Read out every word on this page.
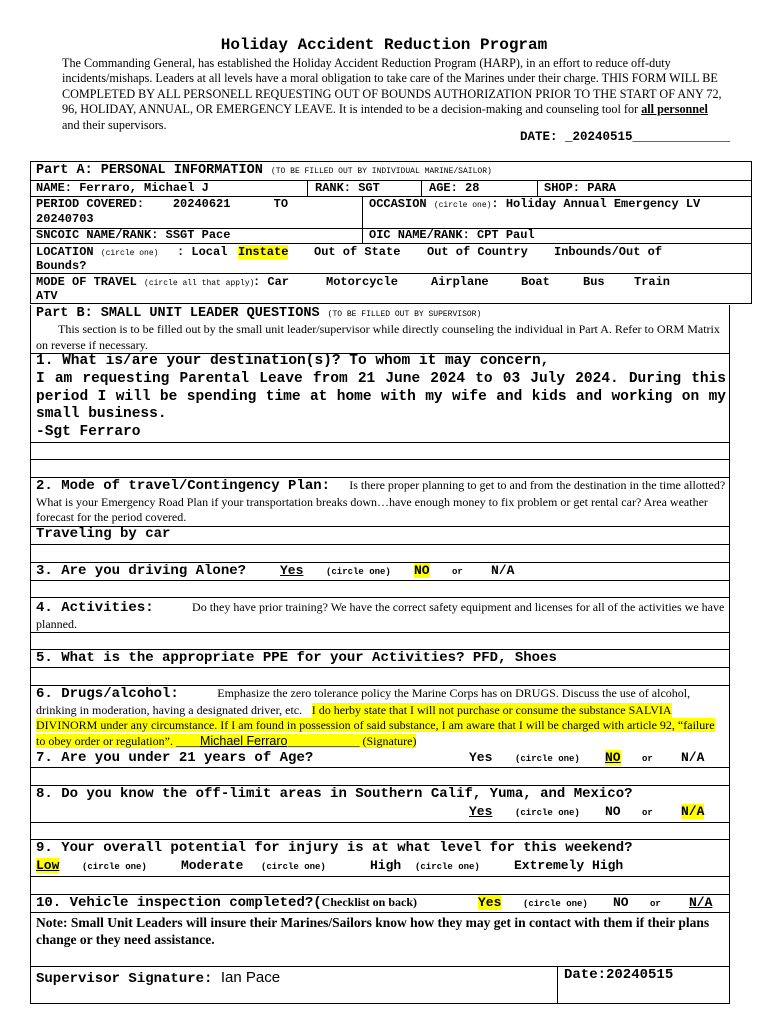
Holiday Accident Reduction Program
The Commanding General, has established the Holiday Accident Reduction Program (HARP), in an effort to reduce off-duty incidents/mishaps. Leaders at all levels have a moral obligation to take care of the Marines under their charge. THIS FORM WILL BE COMPLETED BY ALL PERSONELL REQUESTING OUT OF BOUNDS AUTHORIZATION PRIOR TO THE START OF ANY 72, 96, HOLIDAY, ANNUAL, OR EMERGENCY LEAVE. It is intended to be a decision-making and counseling tool for all personnel and their supervisors.
DATE: _20240515_____________
Part A: PERSONAL INFORMATION (TO BE FILLED OUT BY INDIVIDUAL MARINE/SAILOR)
NAME: Ferraro, Michael J	RANK: SGT	AGE: 28	SHOP: PARA
PERIOD COVERED: 20240621	TO
20240703
OCCASION (circle one): Holiday Annual Emergency LV
SNCOIC NAME/RANK: SSGT Pace	OIC NAME/RANK: CPT Paul
LOCATION (circle one) : Local Instate Out of State Out of Country Inbounds/Out of
Bounds?
MODE OF TRAVEL (circle all that apply)
: Car	Motorcycle	Airplane	Boat	Bus Train
ATV
Part B: SMALL UNIT LEADER QUESTIONS (TO BE FILLED OUT BY SUPERVISOR)
This section is to be filled out by the small unit leader/supervisor while directly counseling the individual in Part A. Refer to ORM Matrix on reverse if necessary.
1. What is/are your destination(s)? To whom it may concern,
I am requesting Parental Leave from 21 June 2024 to 03 July 2024. During this period I will be spending time at home with my wife and kids and working on my small business.
-Sgt Ferraro
2. Mode of travel/Contingency Plan: Is there proper planning to get to and from the destination in the time allotted? What is your Emergency Road Plan if your transportation breaks down…have enough money to fix problem or get rental car? Area weather forecast for the period covered.
Traveling by car
3. Are you driving Alone?	Yes	(circle one) NO or N/A
4. Activities:	Do they have prior training? We have the correct safety equipment and licenses for all of the activities we have planned.
5. What is the appropriate PPE for your Activities? PFD, Shoes
6. Drugs/alcohol:	Emphasize the zero tolerance policy the Marine Corps has on DRUGS. Discuss the use of alcohol, drinking in moderation, having a designated driver, etc. I do herby state that I will not purchase or consume the substance SALVIA DIVINORM under any circumstance. If I am found in possession of said substance, I am aware that I will be charged with article 92, “failure to obey order or regulation”. ____Michael Ferraro____________ (Signature)
7. Are you under 21 years of Age?	Yes	(circle one) NO or N/A
8. Do you know the off-limit areas in Southern Calif, Yuma, and Mexico?
Yes	(circle one) NO or N/A
9. Your overall potential for injury is at what level for this weekend?
Low	(circle one)	Moderate (circle one)	High (circle one)	Extremely High
10. Vehicle inspection completed?(Checklist on back)	Yes (circle one) NO or N/A
Note: Small Unit Leaders will insure their Marines/Sailors know how they may get in contact with them if their plans change or they need assistance.
Supervisor Signature: Ian Pace	Date:20240515
